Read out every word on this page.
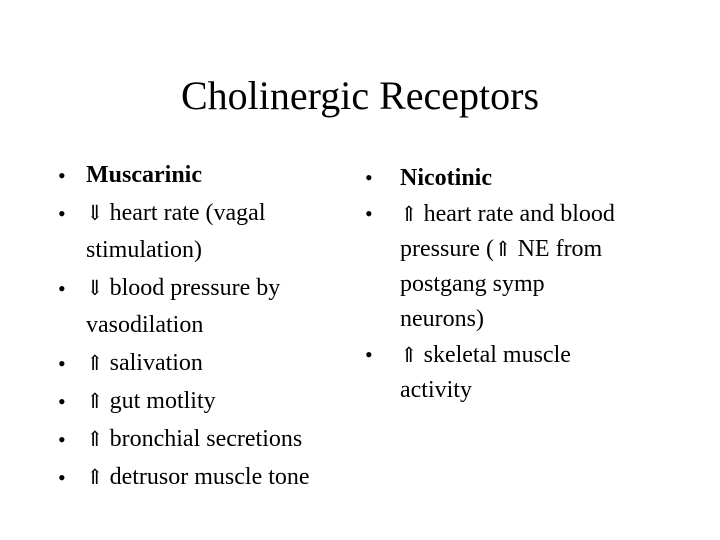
Cholinergic Receptors
• Muscarinic
• ⇓ heart rate (vagal
stimulation)
• ⇓ blood pressure by
vasodilation
• ⇑ salivation
• ⇑ gut motlity
• ⇑ bronchial secretions
• ⇑ detrusor muscle tone
•	Nicotinic
•	⇑ heart rate and blood
pressure (⇑ NE from
postgang symp
neurons)
•	⇑ skeletal muscle
activity
